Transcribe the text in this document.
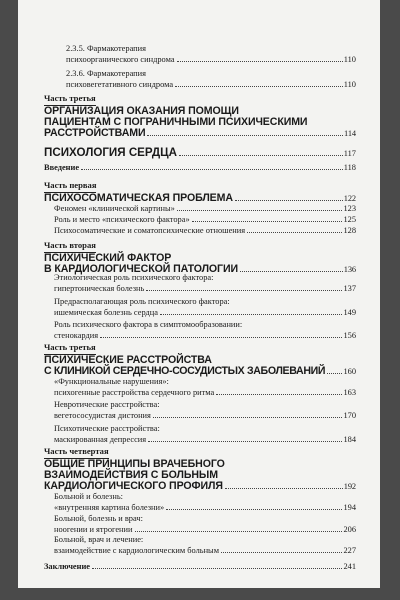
2.3.5. Фармакотерапия
психоорганического синдрома	110
2.3.6. Фармакотерапия
психовегетативного синдрома	110
Часть третья
ОРГАНИЗАЦИЯ ОКАЗАНИЯ ПОМОЩИ
ПАЦИЕНТАМ С ПОГРАНИЧНЫМИ ПСИХИЧЕСКИМИ
РАССТРОЙСТВАМИ	114
ПСИХОЛОГИЯ СЕРДЦА	117
Введение	118
Часть первая
ПСИХОСОМАТИЧЕСКАЯ ПРОБЛЕМА	122
Феномен «клинической картины»	123
Роль и место «психического фактора»	125
Психосоматические и соматопсихические отношения	128
Часть вторая
ПСИХИЧЕСКИЙ ФАКТОР
В КАРДИОЛОГИЧЕСКОЙ ПАТОЛОГИИ	136
Этиологическая роль психического фактора:
гипертоническая болезнь	137
Предрасполагающая роль психического фактора:
ишемическая болезнь сердца	149
Роль психического фактора в симптомообразовании:
стенокардия	156
Часть третья
ПСИХИЧЕСКИЕ РАССТРОЙСТВА
С КЛИНИКОЙ СЕРДЕЧНО-СОСУДИСТЫХ ЗАБОЛЕВАНИЙ 160
«Функциональные нарушения»:
психогенные расстройства сердечного ритма	163
Невротические расстройства:
вегетососудистая дистония	170
Психотические расстройства:
маскированная депрессия	184
Часть четвертая
ОБЩИЕ ПРИНЦИПЫ ВРАЧЕБНОГО
ВЗАИМОДЕЙСТВИЯ С БОЛЬНЫМ
КАРДИОЛОГИЧЕСКОГО ПРОФИЛЯ	192
Больной и болезнь:
«внутренняя картина болезни»	194
Больной, болезнь и врач:
ноогении и ятрогении	206
Больной, врач и лечение:
взаимодействие с кардиологическим больным	227
Заключение	241
